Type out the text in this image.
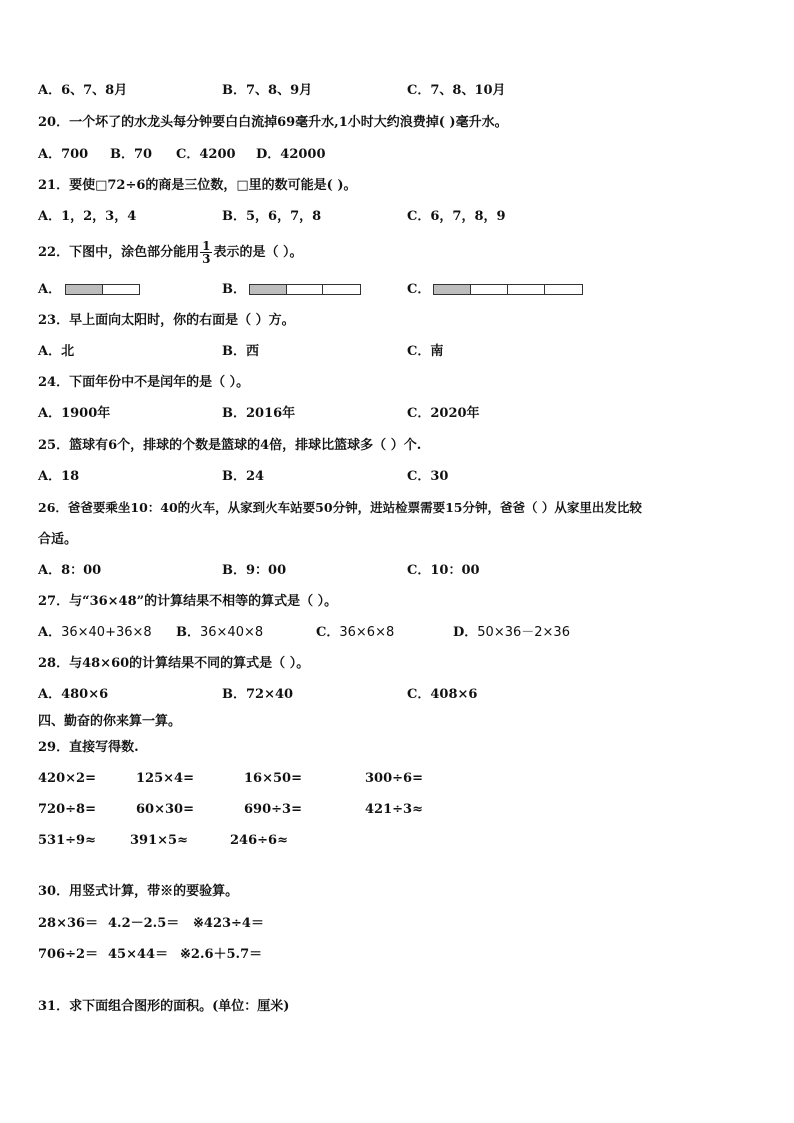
A．6、7、8月	B．7、8、9月	C．7、8、10月
20．一个坏了的水龙头每分钟要白白流掉69毫升水,1小时大约浪费掉( )毫升水。
A．700 B．70 C．4200 D．42000
21．要使□72÷6的商是三位数，□里的数可能是( )。
A．1，2，3，4	B．5，6，7，8	C．6，7，8，9
22．下图中，涂色部分能用 $\frac{1}{3}$ 表示的是（ ）。
A．	B．	C．
23．早上面向太阳时，你的右面是（ ）方。
A．北	B．西	C．南
24．下面年份中不是闰年的是（ ）。
A．1900年	B．2016年	C．2020年
25．篮球有6个，排球的个数是篮球的4倍，排球比篮球多（ ）个.
A．18	B．24	C．30
26．爸爸要乘坐10：40的火车，从家到火车站要50分钟，进站检票需要15分钟，爸爸（ ）从家里出发比较
合适。
A．8：00	B．9：00	C．10：00
27．与“36×48”的计算结果不相等的算式是（ ）。
A．36×40+36×8 B．36×40×8	C．36×6×8	D．50×36－2×36
28．与48×60的计算结果不同的算式是（ ）。
A．480×6	B．72×40	C．408×6
四、勤奋的你来算一算。
29．直接写得数.
420×2=	125×4=	16×50=	300÷6=
720÷8=	60×30=	690÷3=	421÷3≈
531÷9≈	391×5≈	246÷6≈
30．用竖式计算，带※的要验算。
28×36＝ 4.2－2.5＝ ※423÷4＝
706÷2＝ 45×44＝ ※2.6＋5.7＝
31．求下面组合图形的面积。(单位：厘米)
